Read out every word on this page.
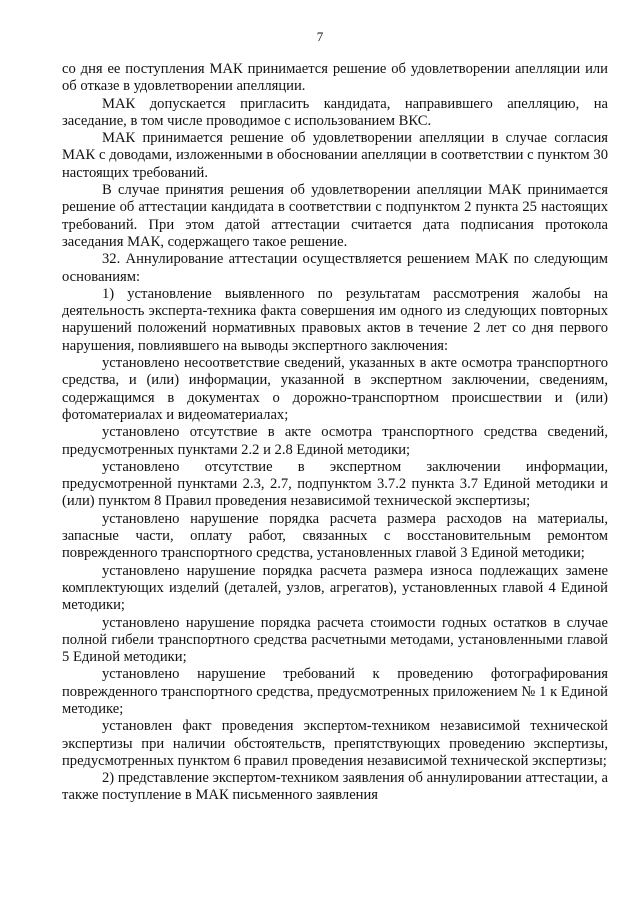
7

со дня ее поступления МАК принимается решение об удовлетворении апелляции или об отказе в удовлетворении апелляции.

МАК допускается пригласить кандидата, направившего апелляцию, на заседание, в том числе проводимое с использованием ВКС.

МАК принимается решение об удовлетворении апелляции в случае согласия МАК с доводами, изложенными в обосновании апелляции в соответствии с пунктом 30 настоящих требований.

В случае принятия решения об удовлетворении апелляции МАК принимается решение об аттестации кандидата в соответствии с подпунктом 2 пункта 25 настоящих требований. При этом датой аттестации считается дата подписания протокола заседания МАК, содержащего такое решение.

32. Аннулирование аттестации осуществляется решением МАК по следующим основаниям:

1) установление выявленного по результатам рассмотрения жалобы на деятельность эксперта-техника факта совершения им одного из следующих повторных нарушений положений нормативных правовых актов в течение 2 лет со дня первого нарушения, повлиявшего на выводы экспертного заключения:

установлено несоответствие сведений, указанных в акте осмотра транспортного средства, и (или) информации, указанной в экспертном заключении, сведениям, содержащимся в документах о дорожно-транспортном происшествии и (или) фотоматериалах и видеоматериалах;

установлено отсутствие в акте осмотра транспортного средства сведений, предусмотренных пунктами 2.2 и 2.8 Единой методики;

установлено отсутствие в экспертном заключении информации, предусмотренной пунктами 2.3, 2.7, подпунктом 3.7.2 пункта 3.7 Единой методики и (или) пунктом 8 Правил проведения независимой технической экспертизы;

установлено нарушение порядка расчета размера расходов на материалы, запасные части, оплату работ, связанных с восстановительным ремонтом поврежденного транспортного средства, установленных главой 3 Единой методики;

установлено нарушение порядка расчета размера износа подлежащих замене комплектующих изделий (деталей, узлов, агрегатов), установленных главой 4 Единой методики;

установлено нарушение порядка расчета стоимости годных остатков в случае полной гибели транспортного средства расчетными методами, установленными главой 5 Единой методики;

установлено нарушение требований к проведению фотографирования поврежденного транспортного средства, предусмотренных приложением № 1 к Единой методике;

установлен факт проведения экспертом-техником независимой технической экспертизы при наличии обстоятельств, препятствующих проведению экспертизы, предусмотренных пунктом 6 правил проведения независимой технической экспертизы;

2) представление экспертом-техником заявления об аннулировании аттестации, а также поступление в МАК письменного заявления
